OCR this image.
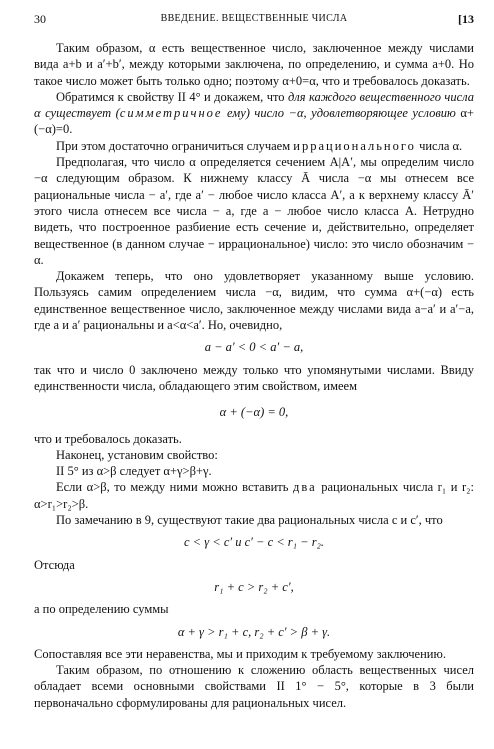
30	ВВЕДЕНИЕ. ВЕЩЕСТВЕННЫЕ ЧИСЛА	[13

Таким образом, α есть вещественное число, заключенное между числами вида a+b и a′+b′, между которыми заключена, по определению, и сумма a+0. Но такое число может быть только одно; поэтому α+0=α, что и требовалось доказать.

Обратимся к свойству II 4° и докажем, что для каждого вещественного числа α существует (симметричное ему) число −α, удовлетворяющее условию α+(−α)=0.

При этом достаточно ограничиться случаем иррационального числа α.

Предполагая, что число α определяется сечением A|A′, мы определим число −α следующим образом. К нижнему классу Ā числа −α мы отнесем все рациональные числа − a′, где a′ − любое число класса A′, а к верхнему классу Ā′ этого числа отнесем все числа − a, где a − любое число класса A. Нетрудно видеть, что построенное разбиение есть сечение и, действительно, определяет вещественное (в данном случае − иррациональное) число: это число обозначим − α.

Докажем теперь, что оно удовлетворяет указанному выше условию. Пользуясь самим определением числа −α, видим, что сумма α+(−α) есть единственное вещественное число, заключенное между числами вида a−a′ и a′−a, где a и a′ рациональны и a<α<a′. Но, очевидно,

a − a′ < 0 < a′ − a,

так что и число 0 заключено между только что упомянутыми числами. Ввиду единственности числа, обладающего этим свойством, имеем

α + (−α) = 0,

что и требовалось доказать.

Наконец, установим свойство:

II 5° из α>β следует α+γ>β+γ.

Если α>β, то между ними можно вставить два рациональных числа r₁ и r₂: α>r₁>r₂>β.

По замечанию в 9, существуют такие два рациональных числа c и c′, что

c < γ < c′ и c′ − c < r₁ − r₂.

Отсюда

r₁ + c > r₂ + c′,

а по определению суммы

α + γ > r₁ + c, r₂ + c′ > β + γ.

Сопоставляя все эти неравенства, мы и приходим к требуемому заключению.

Таким образом, по отношению к сложению область вещественных чисел обладает всеми основными свойствами II 1° − 5°, которые в 3 были первоначально сформулированы для рациональных чисел.
